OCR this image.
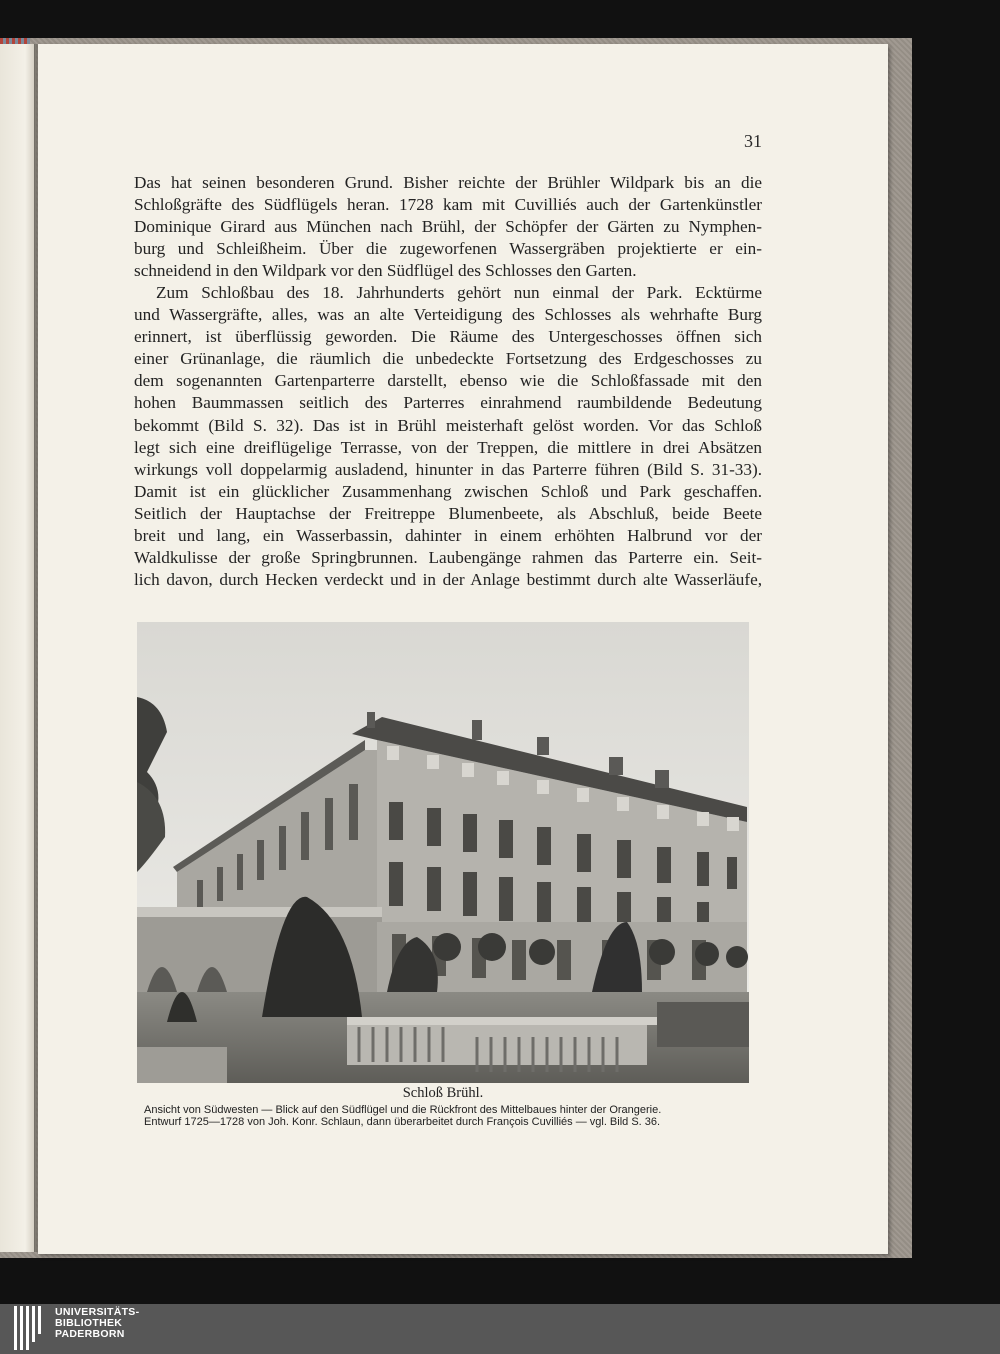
31
Das hat seinen besonderen Grund. Bisher reichte der Brühler Wildpark bis an die
Schloßgräfte des Südflügels heran. 1728 kam mit Cuvilliés auch der Gartenkünstler
Dominique Girard aus München nach Brühl, der Schöpfer der Gärten zu Nymphen-
burg und Schleißheim. Über die zugeworfenen Wassergräben projektierte er ein-
schneidend in den Wildpark vor den Südflügel des Schlosses den Garten.
Zum Schloßbau des 18. Jahrhunderts gehört nun einmal der Park. Ecktürme
und Wassergräfte, alles, was an alte Verteidigung des Schlosses als wehrhafte Burg
erinnert, ist überflüssig geworden. Die Räume des Untergeschosses öffnen sich
einer Grünanlage, die räumlich die unbedeckte Fortsetzung des Erdgeschosses zu
dem sogenannten Gartenparterre darstellt, ebenso wie die Schloßfassade mit den
hohen Baummassen seitlich des Parterres einrahmend raumbildende Bedeutung
bekommt (Bild S. 32). Das ist in Brühl meisterhaft gelöst worden. Vor das Schloß
legt sich eine dreiflügelige Terrasse, von der Treppen, die mittlere in drei Absätzen
wirkungs voll doppelarmig ausladend, hinunter in das Parterre führen (Bild S. 31-33).
Damit ist ein glücklicher Zusammenhang zwischen Schloß und Park geschaffen.
Seitlich der Hauptachse der Freitreppe Blumenbeete, als Abschluß, beide Beete
breit und lang, ein Wasserbassin, dahinter in einem erhöhten Halbrund vor der
Waldkulisse der große Springbrunnen. Laubengänge rahmen das Parterre ein. Seit-
lich davon, durch Hecken verdeckt und in der Anlage bestimmt durch alte Wasserläufe,
Schloß Brühl.
Ansicht von Südwesten — Blick auf den Südflügel und die Rückfront des Mittelbaues hinter der Orangerie.
Entwurf 1725—1728 von Joh. Konr. Schlaun, dann überarbeitet durch François Cuvilliés — vgl. Bild S. 36.
UNIVERSITÄTS-
BIBLIOTHEK
PADERBORN
